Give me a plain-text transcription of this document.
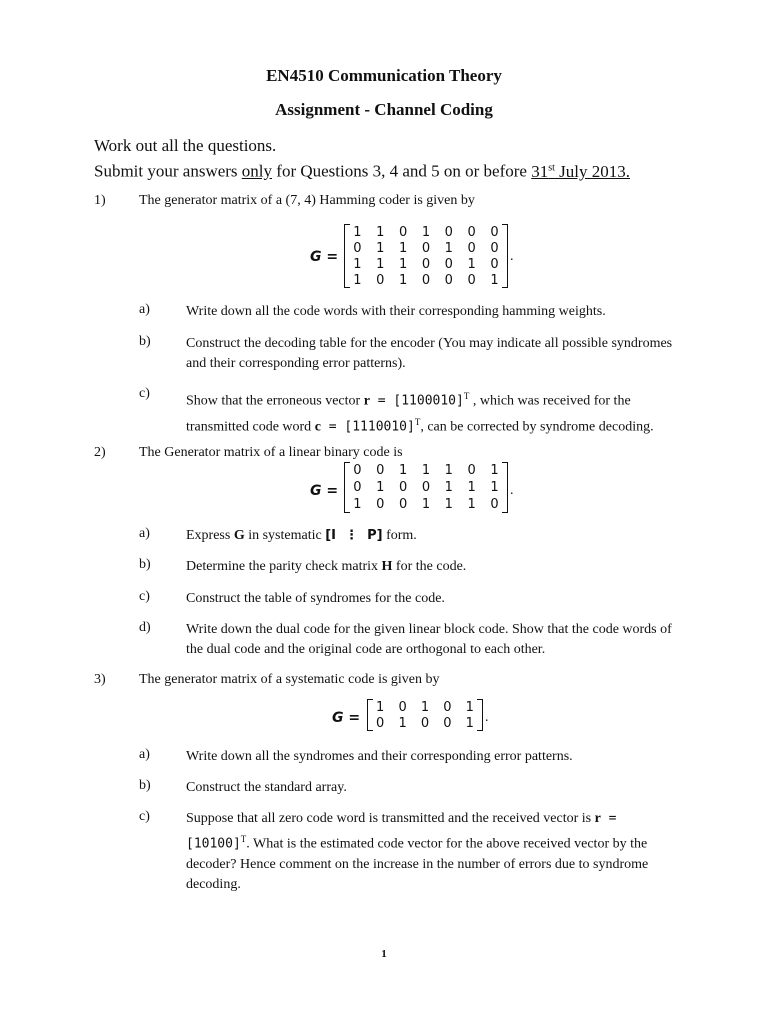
EN4510 Communication Theory
Assignment - Channel Coding
Work out all the questions.
Submit your answers only for Questions 3, 4 and 5 on or before 31st July 2013.
1) The generator matrix of a (7, 4) Hamming coder is given by
G =
1	1	0	1	0	0	0
0	1	1	0	1	0	0
1	1	1	0	0	1	0
1	0	1	0	0	0	1
.
a)	Write down all the code words with their corresponding hamming weights.
b)	Construct the decoding table for the encoder (You may indicate all possible syndromes
and their corresponding error patterns).
c)
Show that the erroneous vector $r = [1100010]^T$ , which was received for the
transmitted code word $c = [1110010]^T$, can be corrected by syndrome decoding.
2) The Generator matrix of a linear binary code is
G =
0	0	1	1	1	0	1
0	1	0	0	1	1	1
1	0	0	1	1	1	0
.
a)	Express G in systematic [I  ⋮  P] form.
b)	Determine the parity check matrix H for the code.
c)	Construct the table of syndromes for the code.
d)	Write down the dual code for the given linear block code. Show that the code words of
the dual code and the original code are orthogonal to each other.
3) The generator matrix of a systematic code is given by
G =
1	0	1	0	1
0	1	0	0	1 .
a)	Write down all the syndromes and their corresponding error patterns.
b)	Construct the standard array.
c)	Suppose that all zero code word is transmitted and the received vector is r =
$[10100]^T$. What is the estimated code vector for the above received vector by the
decoder? Hence comment on the increase in the number of errors due to syndrome
decoding.
1
